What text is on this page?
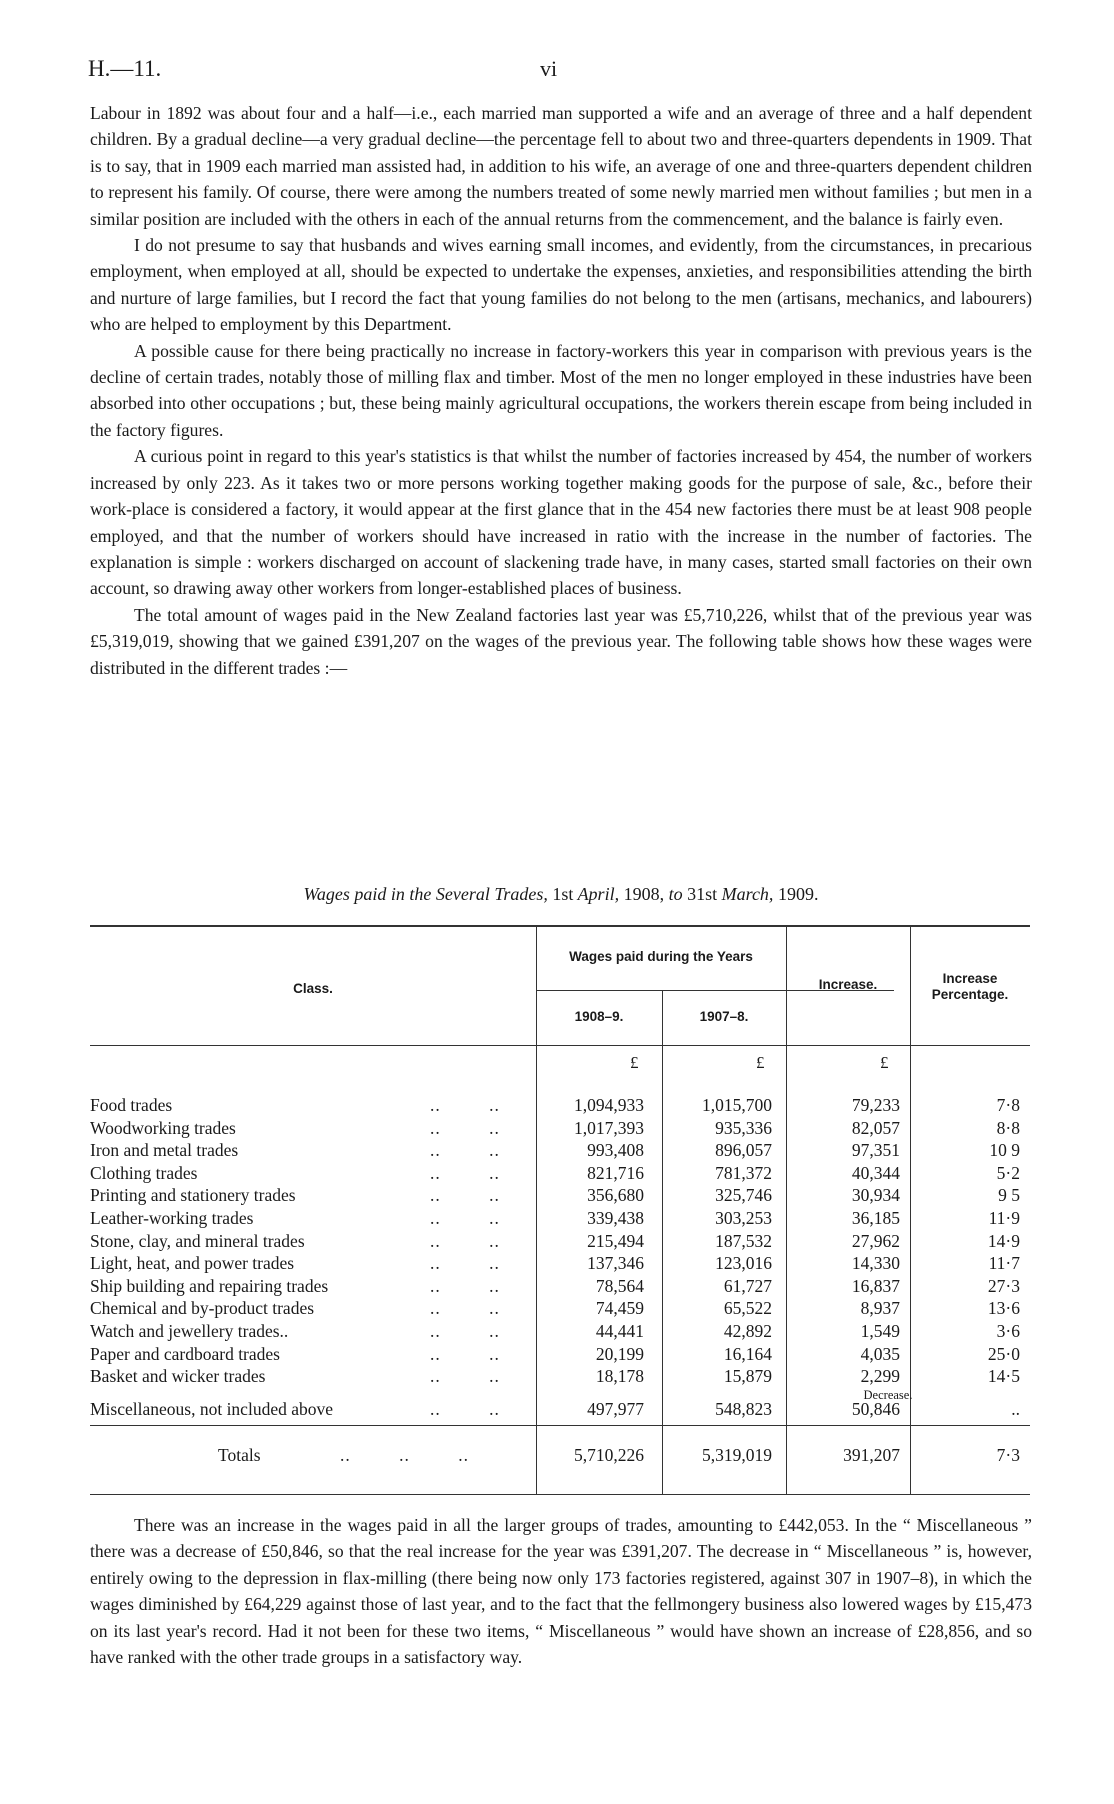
H.—11.	vi

Labour in 1892 was about four and a half—i.e., each married man supported a wife and an average of three and a half dependent children. By a gradual decline—a very gradual decline—the percentage fell to about two and three-quarters dependents in 1909. That is to say, that in 1909 each married man assisted had, in addition to his wife, an average of one and three-quarters dependent children to represent his family. Of course, there were among the numbers treated of some newly married men without families ; but men in a similar position are included with the others in each of the annual returns from the commencement, and the balance is fairly even.

I do not presume to say that husbands and wives earning small incomes, and evidently, from the circumstances, in precarious employment, when employed at all, should be expected to undertake the expenses, anxieties, and responsibilities attending the birth and nurture of large families, but I record the fact that young families do not belong to the men (artisans, mechanics, and labourers) who are helped to employment by this Department.

A possible cause for there being practically no increase in factory-workers this year in comparison with previous years is the decline of certain trades, notably those of milling flax and timber. Most of the men no longer employed in these industries have been absorbed into other occupations ; but, these being mainly agricultural occupations, the workers therein escape from being included in the factory figures.

A curious point in regard to this year's statistics is that whilst the number of factories increased by 454, the number of workers increased by only 223. As it takes two or more persons working together making goods for the purpose of sale, &c., before their work-place is considered a factory, it would appear at the first glance that in the 454 new factories there must be at least 908 people employed, and that the number of workers should have increased in ratio with the increase in the number of factories. The explanation is simple : workers discharged on account of slackening trade have, in many cases, started small factories on their own account, so drawing away other workers from longer-established places of business.

The total amount of wages paid in the New Zealand factories last year was £5,710,226, whilst that of the previous year was £5,319,019, showing that we gained £391,207 on the wages of the previous year. The following table shows how these wages were distributed in the different trades :—

Wages paid in the Several Trades, 1st April, 1908, to 31st March, 1909.
Class.
Wages paid during the Years
1908–9.	1907–8.
Increase.	Increase
Percentage.
£	£	£
Food trades	1,094,933	1,015,700	79,233	7·8
..         ..
Woodworking trades	1,017,393	935,336	82,057	8·8
..         ..
Iron and metal trades	993,408	896,057	97,351	10 9
..         ..
Clothing trades	821,716	781,372	40,344	5·2
..         ..
Printing and stationery trades	356,680	325,746	30,934	9 5
..         ..
Leather-working trades	339,438	303,253	36,185	11·9
..         ..
Stone, clay, and mineral trades	215,494	187,532	27,962	14·9
..         ..
Light, heat, and power trades	137,346	123,016	14,330	11·7
..         ..
Ship building and repairing trades	78,564	61,727	16,837	27·3
..         ..
Chemical and by-product trades	74,459	65,522	8,937	13·6
..         ..
Watch and jewellery trades..	44,441	42,892	1,549	3·6
..         ..
Paper and cardboard trades	20,199	16,164	4,035	25·0
..         ..
Basket and wicker trades	18,178	15,879	2,299	14·5
..         ..
Decrease.
Miscellaneous, not included above	..         ..	497,977	548,823	50,846	..
Totals	..         ..         ..	5,710,226	5,319,019	391,207	7·3

There was an increase in the wages paid in all the larger groups of trades, amounting to £442,053. In the “ Miscellaneous ” there was a decrease of £50,846, so that the real increase for the year was £391,207. The decrease in “ Miscellaneous ” is, however, entirely owing to the depression in flax-milling (there being now only 173 factories registered, against 307 in 1907–8), in which the wages diminished by £64,229 against those of last year, and to the fact that the fellmongery business also lowered wages by £15,473 on its last year's record. Had it not been for these two items, “ Miscellaneous ” would have shown an increase of £28,856, and so have ranked with the other trade groups in a satisfactory way.
